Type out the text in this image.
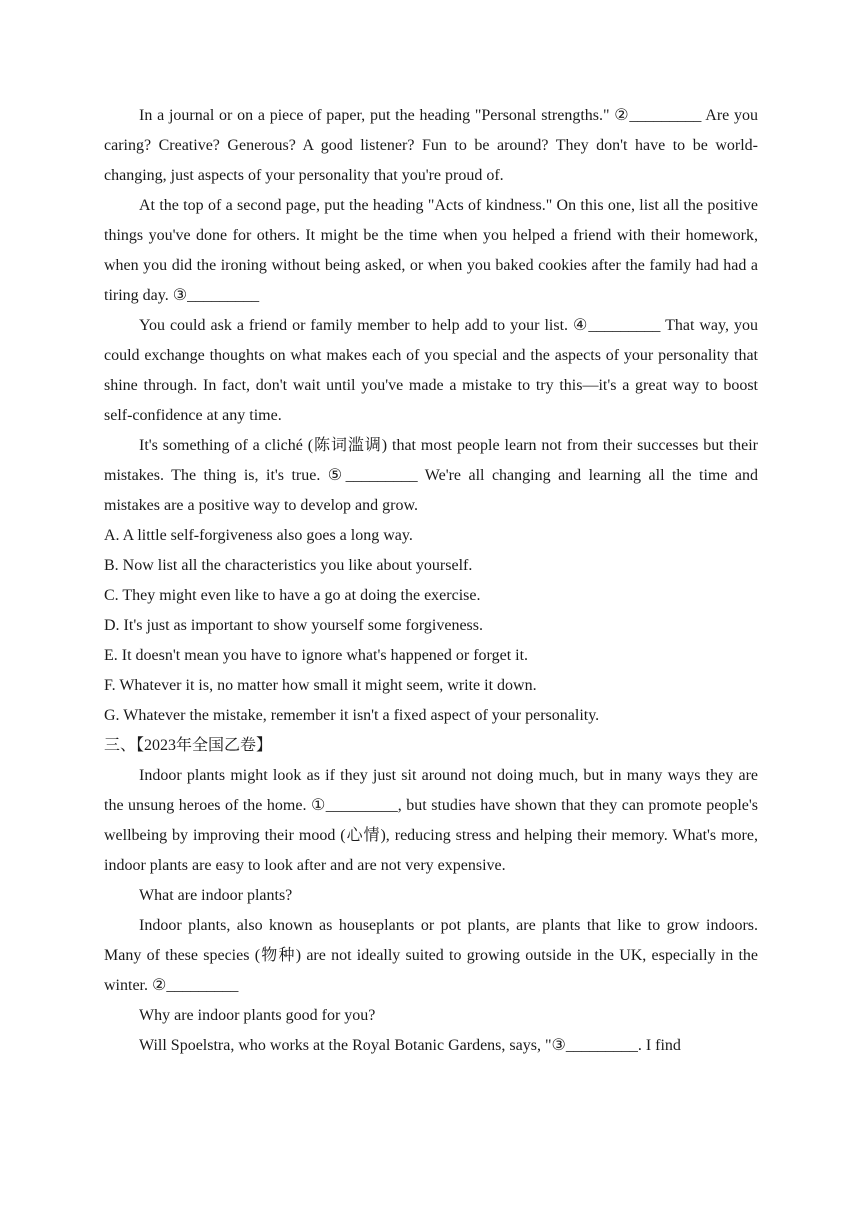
In a journal or on a piece of paper, put the heading "Personal strengths." ②_________ Are you caring? Creative? Generous? A good listener? Fun to be around? They don't have to be world-changing, just aspects of your personality that you're proud of.

At the top of a second page, put the heading "Acts of kindness." On this one, list all the positive things you've done for others. It might be the time when you helped a friend with their homework, when you did the ironing without being asked, or when you baked cookies after the family had had a tiring day. ③_________

You could ask a friend or family member to help add to your list. ④_________ That way, you could exchange thoughts on what makes each of you special and the aspects of your personality that shine through. In fact, don't wait until you've made a mistake to try this—it's a great way to boost self-confidence at any time.

It's something of a cliché (陈词滥调) that most people learn not from their successes but their mistakes. The thing is, it's true. ⑤_________ We're all changing and learning all the time and mistakes are a positive way to develop and grow.

A. A little self-forgiveness also goes a long way.

B. Now list all the characteristics you like about yourself.

C. They might even like to have a go at doing the exercise.

D. It's just as important to show yourself some forgiveness.

E. It doesn't mean you have to ignore what's happened or forget it.

F. Whatever it is, no matter how small it might seem, write it down.

G. Whatever the mistake, remember it isn't a fixed aspect of your personality.

三、【2023年全国乙卷】

Indoor plants might look as if they just sit around not doing much, but in many ways they are the unsung heroes of the home. ①_________, but studies have shown that they can promote people's wellbeing by improving their mood (心情), reducing stress and helping their memory. What's more, indoor plants are easy to look after and are not very expensive.

What are indoor plants?

Indoor plants, also known as houseplants or pot plants, are plants that like to grow indoors. Many of these species (物种) are not ideally suited to growing outside in the UK, especially in the winter. ②_________

Why are indoor plants good for you?

Will Spoelstra, who works at the Royal Botanic Gardens, says, "③_________. I find
